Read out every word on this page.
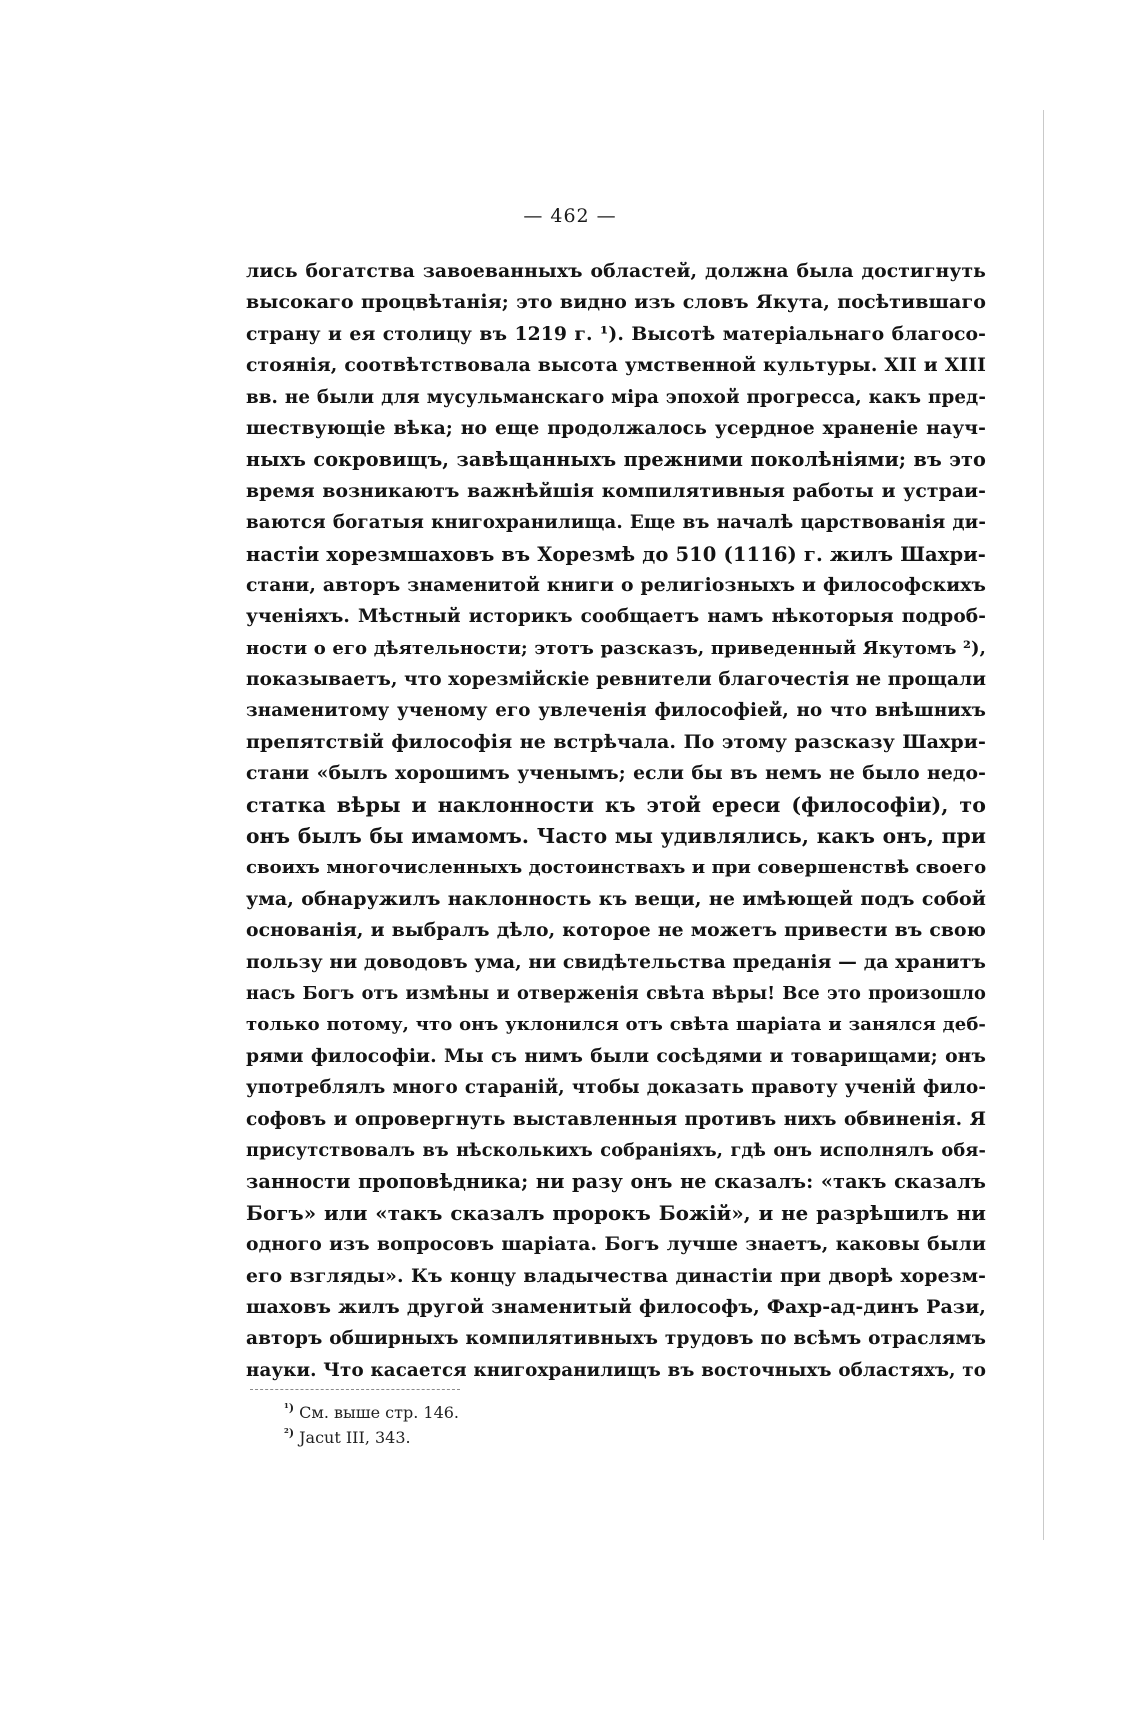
— 462 —
лись богатства завоеванныхъ областей, должна была достигнуть
высокаго процвѣтанія; это видно изъ словъ Якута, посѣтившаго
страну и ея столицу въ 1219 г. ¹). Высотѣ матеріальнаго благосо-
стоянія, соотвѣтствовала высота умственной культуры. XII и XIII
вв. не были для мусульманскаго міра эпохой прогресса, какъ пред-
шествующіе вѣка; но еще продолжалось усердное храненіе науч-
ныхъ сокровищъ, завѣщанныхъ прежними поколѣніями; въ это
время возникаютъ важнѣйшія компилятивныя работы и устраи-
ваются богатыя книгохранилища. Еще въ началѣ царствованія ди-
настіи хорезмшаховъ въ Хорезмѣ до 510 (1116) г. жилъ Шахри-
стани, авторъ знаменитой книги о религіозныхъ и философскихъ
ученіяхъ. Мѣстный историкъ сообщаетъ намъ нѣкоторыя подроб-
ности о его дѣятельности; этотъ разсказъ, приведенный Якутомъ ²),
показываетъ, что хорезмійскіе ревнители благочестія не прощали
знаменитому ученому его увлеченія философіей, но что внѣшнихъ
препятствій философія не встрѣчала. По этому разсказу Шахри-
стани «былъ хорошимъ ученымъ; если бы въ немъ не было недо-
статка вѣры и наклонности къ этой ереси (философіи), то
онъ былъ бы имамомъ. Часто мы удивлялись, какъ онъ, при
своихъ многочисленныхъ достоинствахъ и при совершенствѣ своего
ума, обнаружилъ наклонность къ вещи, не имѣющей подъ собой
основанія, и выбралъ дѣло, которое не можетъ привести въ свою
пользу ни доводовъ ума, ни свидѣтельства преданія — да хранитъ
насъ Богъ отъ измѣны и отверженія свѣта вѣры! Все это произошло
только потому, что онъ уклонился отъ свѣта шаріата и занялся деб-
рями философіи. Мы съ нимъ были сосѣдями и товарищами; онъ
употреблялъ много стараній, чтобы доказать правоту ученій фило-
софовъ и опровергнуть выставленныя противъ нихъ обвиненія. Я
присутствовалъ въ нѣсколькихъ собраніяхъ, гдѣ онъ исполнялъ обя-
занности проповѣдника; ни разу онъ не сказалъ: «такъ сказалъ
Богъ» или «такъ сказалъ пророкъ Божій», и не разрѣшилъ ни
одного изъ вопросовъ шаріата. Богъ лучше знаетъ, каковы были
его взгляды». Къ концу владычества династіи при дворѣ хорезм-
шаховъ жилъ другой знаменитый философъ, Фахр-ад-динъ Рази,
авторъ обширныхъ компилятивныхъ трудовъ по всѣмъ отраслямъ
науки. Что касается книгохранилищъ въ восточныхъ областяхъ, то
$^{^1)}$ См. выше стр. 146.
$^{^2)}$ Jacut III, 343.
